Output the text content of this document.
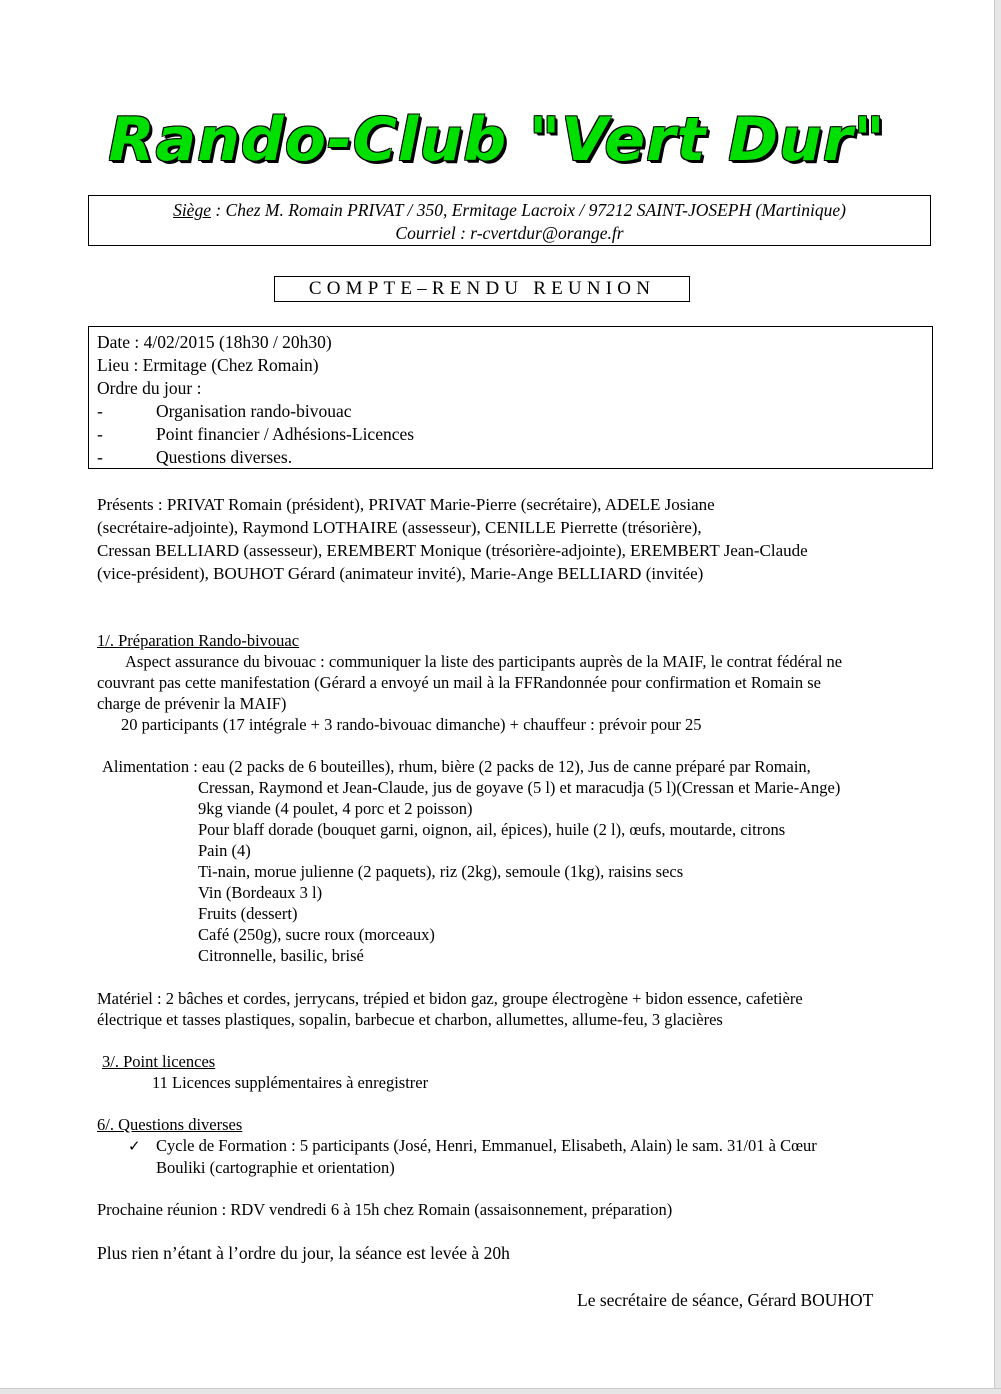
Rando-Club "Vert Dur"
Siège : Chez M. Romain PRIVAT / 350, Ermitage Lacroix / 97212 SAINT-JOSEPH (Martinique)
Courriel : r-cvertdur@orange.fr
COMPTE–RENDU REUNION
Date : 4/02/2015 (18h30 / 20h30)
Lieu : Ermitage (Chez Romain)
Ordre du jour :
-	Organisation rando-bivouac
-	Point financier / Adhésions-Licences
-	Questions diverses.
Présents : PRIVAT Romain (président), PRIVAT Marie-Pierre (secrétaire), ADELE Josiane
(secrétaire-adjointe), Raymond LOTHAIRE (assesseur), CENILLE Pierrette (trésorière),
Cressan BELLIARD (assesseur), EREMBERT Monique (trésorière-adjointe), EREMBERT Jean-Claude
(vice-président), BOUHOT Gérard (animateur invité), Marie-Ange BELLIARD (invitée)
1/. Préparation Rando-bivouac
Aspect assurance du bivouac : communiquer la liste des participants auprès de la MAIF, le contrat fédéral ne
couvrant pas cette manifestation (Gérard a envoyé un mail à la FFRandonnée pour confirmation et Romain se
charge de prévenir la MAIF)
20 participants (17 intégrale + 3 rando-bivouac dimanche) + chauffeur : prévoir pour 25
Alimentation : eau (2 packs de 6 bouteilles), rhum, bière (2 packs de 12), Jus de canne préparé par Romain,
Cressan, Raymond et Jean-Claude, jus de goyave (5 l) et maracudja (5 l)(Cressan et Marie-Ange)
9kg viande (4 poulet, 4 porc et 2 poisson)
Pour blaff dorade (bouquet garni, oignon, ail, épices), huile (2 l), œufs, moutarde, citrons
Pain (4)
Ti-nain, morue julienne (2 paquets), riz (2kg), semoule (1kg), raisins secs
Vin (Bordeaux 3 l)
Fruits (dessert)
Café (250g), sucre roux (morceaux)
Citronnelle, basilic, brisé
Matériel : 2 bâches et cordes, jerrycans, trépied et bidon gaz, groupe électrogène + bidon essence, cafetière
électrique et tasses plastiques, sopalin, barbecue et charbon, allumettes, allume-feu, 3 glacières
3/. Point licences
11 Licences supplémentaires à enregistrer
6/. Questions diverses
✓ Cycle de Formation : 5 participants (José, Henri, Emmanuel, Elisabeth, Alain) le sam. 31/01 à Cœur
Bouliki (cartographie et orientation)
Prochaine réunion : RDV vendredi 6 à 15h chez Romain (assaisonnement, préparation)
Plus rien n’étant à l’ordre du jour, la séance est levée à 20h
Le secrétaire de séance, Gérard BOUHOT
